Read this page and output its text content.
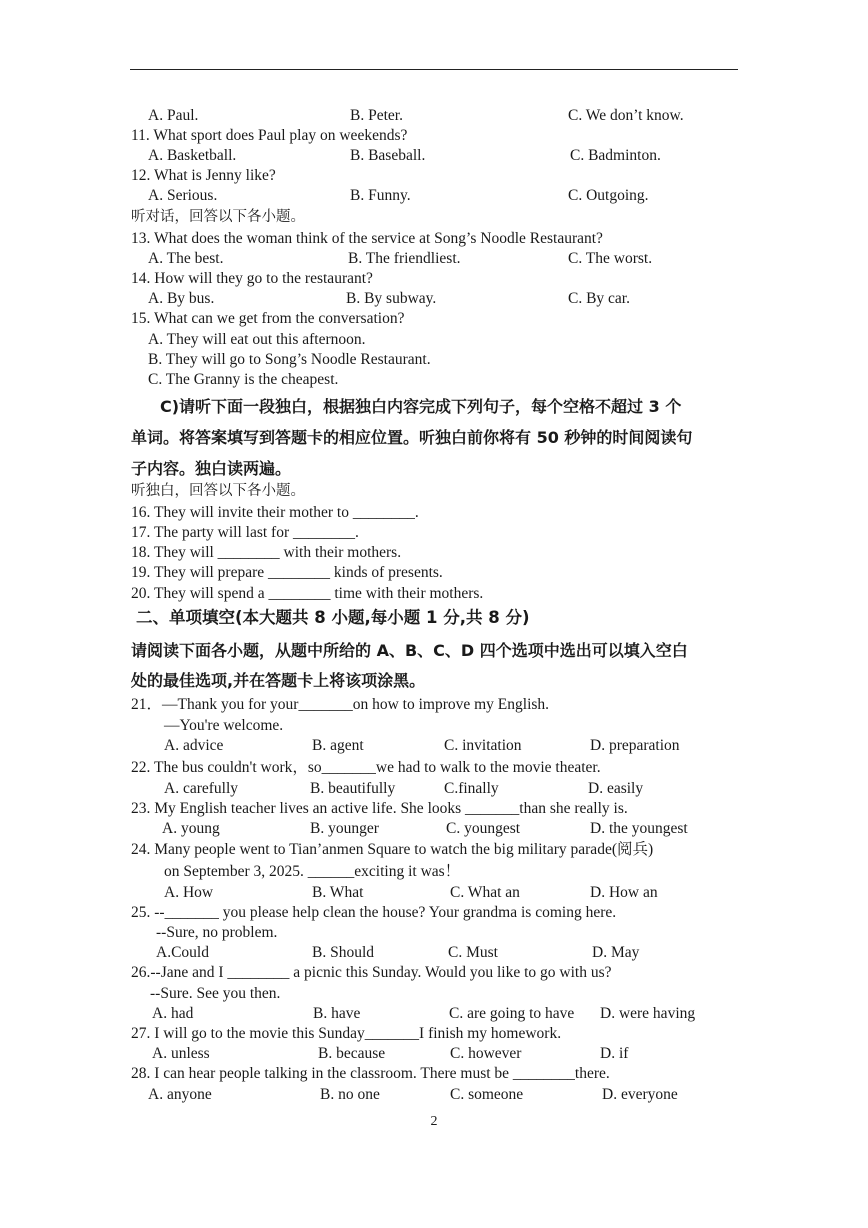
A. Paul.	B. Peter.	C. We don’t know.
11. What sport does Paul play on weekends?
A. Basketball.	B. Baseball.	C. Badminton.
12. What is Jenny like?
A. Serious.	B. Funny.	C. Outgoing.
听对话，回答以下各小题。
13. What does the woman think of the service at Song’s Noodle Restaurant?
A. The best.	B. The friendliest.	C. The worst.
14. How will they go to the restaurant?
A. By bus.	B. By subway.	C. By car.
15. What can we get from the conversation?
A. They will eat out this afternoon.
B. They will go to Song’s Noodle Restaurant.
C. The Granny is the cheapest.
C)请听下面一段独白，根据独白内容完成下列句子，每个空格不超过 3 个
单词。将答案填写到答题卡的相应位置。听独白前你将有 50 秒钟的时间阅读句
子内容。独白读两遍。
听独白，回答以下各小题。
16. They will invite their mother to ________.
17. The party will last for ________.
18. They will ________ with their mothers.
19. They will prepare ________ kinds of presents.
20. They will spend a ________ time with their mothers.
二、单项填空(本大题共 8 小题,每小题 1 分,共 8 分)
请阅读下面各小题，从题中所给的 A、B、C、D 四个选项中选出可以填入空白
处的最佳选项,并在答题卡上将该项涂黑。
21．—Thank you for your_______on how to improve my English.
—You're welcome.
A. advice	B. agent	C. invitation	D. preparation
22. The bus couldn't work，so_______we had to walk to the movie theater.
A. carefully	B. beautifully	C.finally	D. easily
23. My English teacher lives an active life. She looks _______than she really is.
A. young	B. younger	C. youngest	D. the youngest
24. Many people went to Tian’anmen Square to watch the big military parade(阅兵)
on September 3, 2025. ______exciting it was！
A. How	B. What	C. What an	D. How an
25. --_______ you please help clean the house? Your grandma is coming here.
--Sure, no problem.
A.Could	B. Should	C. Must	D. May
26.--Jane and I ________ a picnic this Sunday. Would you like to go with us?
--Sure. See you then.
A. had	B. have	C. are going to have D. were having
27. I will go to the movie this Sunday_______I finish my homework.
A. unless	B. because	C. however	D. if
28. I can hear people talking in the classroom. There must be ________there.
A. anyone	B. no one	C. someone	D. everyone
2
